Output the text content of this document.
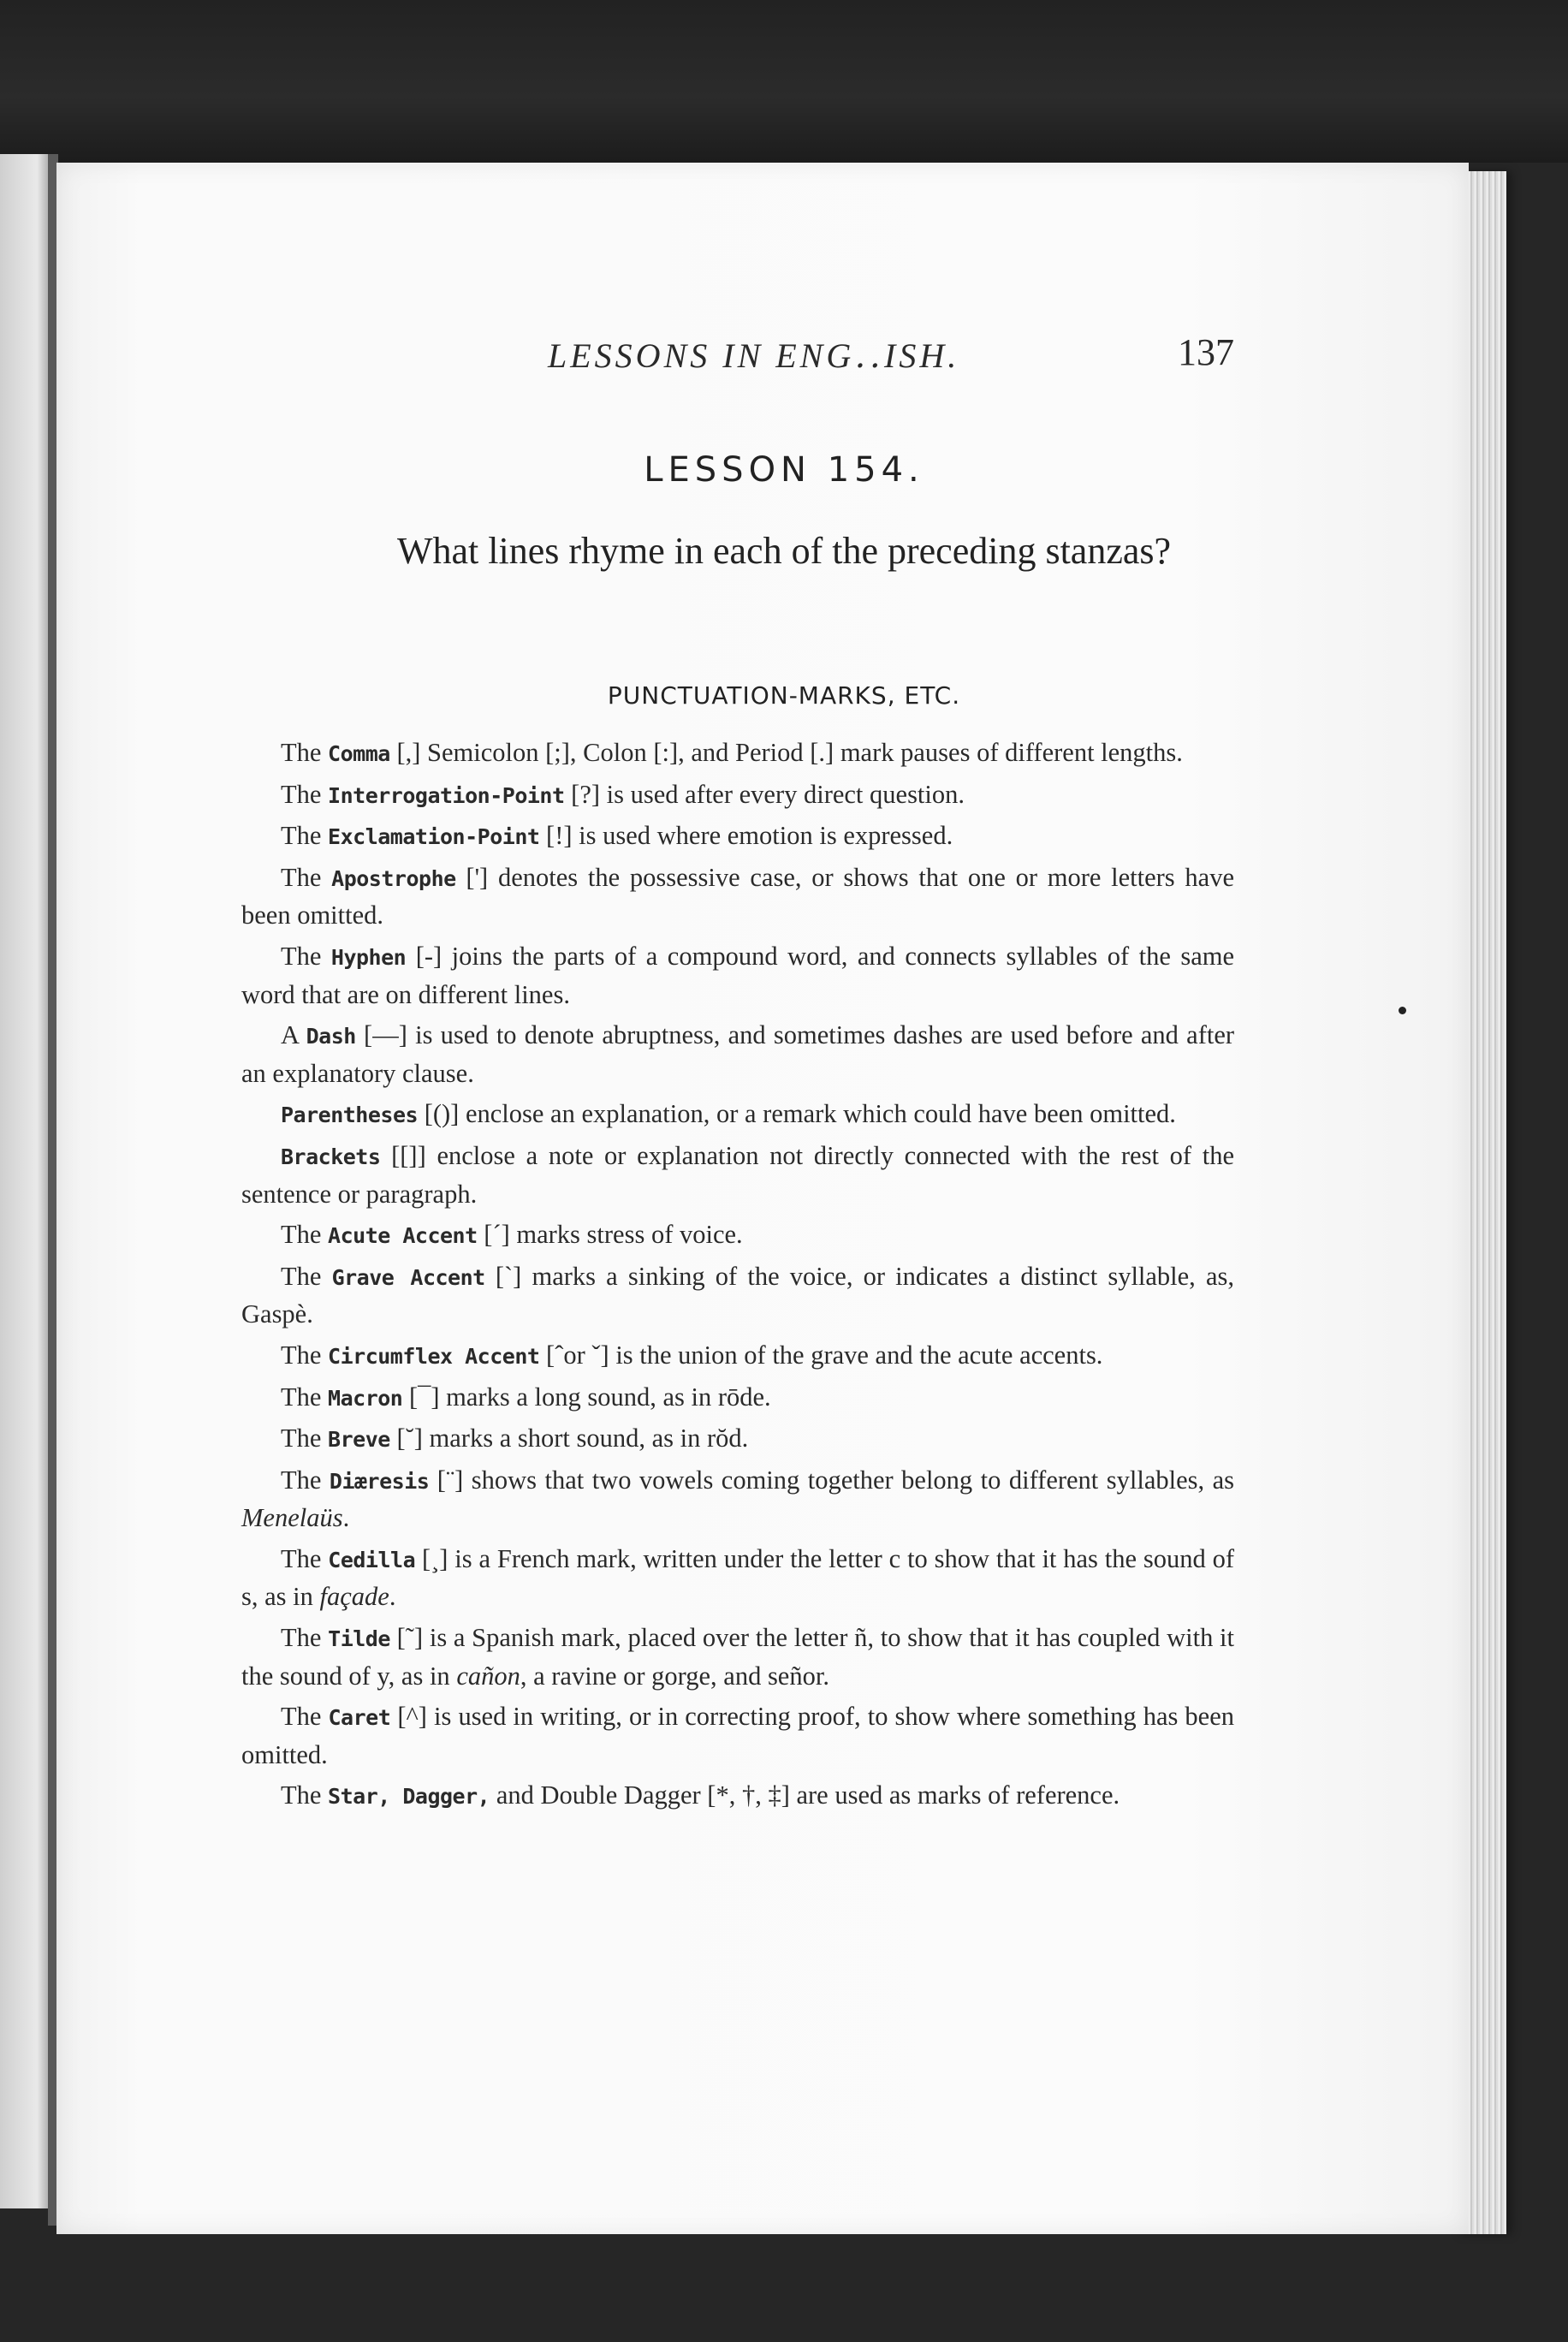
LESSONS IN ENG․․ISH.	137
LESSON 154.
What lines rhyme in each of the preceding stanzas?
PUNCTUATION-MARKS, ETC.

The Comma [,] Semicolon [;], Colon [:], and Period [.] mark pauses of different lengths.

The Interrogation-Point [?] is used after every direct question.

The Exclamation-Point [!] is used where emotion is expressed.

The Apostrophe ['] denotes the possessive case, or shows that one or more letters have been omitted.

The Hyphen [-] joins the parts of a compound word, and connects syllables of the same word that are on different lines.

A Dash [—] is used to denote abruptness, and sometimes dashes are used before and after an explanatory clause.

Parentheses [()] enclose an explanation, or a remark which could have been omitted.

Brackets [[]] enclose a note or explanation not directly connected with the rest of the sentence or paragraph.

The Acute Accent [´] marks stress of voice.

The Grave Accent [`] marks a sinking of the voice, or indicates a distinct syllable, as, Gaspè.

The Circumflex Accent [ˆor ˇ] is the union of the grave and the acute accents.

The Macron [¯] marks a long sound, as in rōde.

The Breve [˘] marks a short sound, as in rŏd.

The Diæresis [¨] shows that two vowels coming together belong to different syllables, as Menelaüs.

The Cedilla [¸] is a French mark, written under the letter c to show that it has the sound of s, as in façade.

The Tilde [˜] is a Spanish mark, placed over the letter ñ, to show that it has coupled with it the sound of y, as in cañon, a ravine or gorge, and señor.

The Caret [^] is used in writing, or in correcting proof, to show where something has been omitted.

The Star, Dagger, and Double Dagger [*, †, ‡] are used as marks of reference.
